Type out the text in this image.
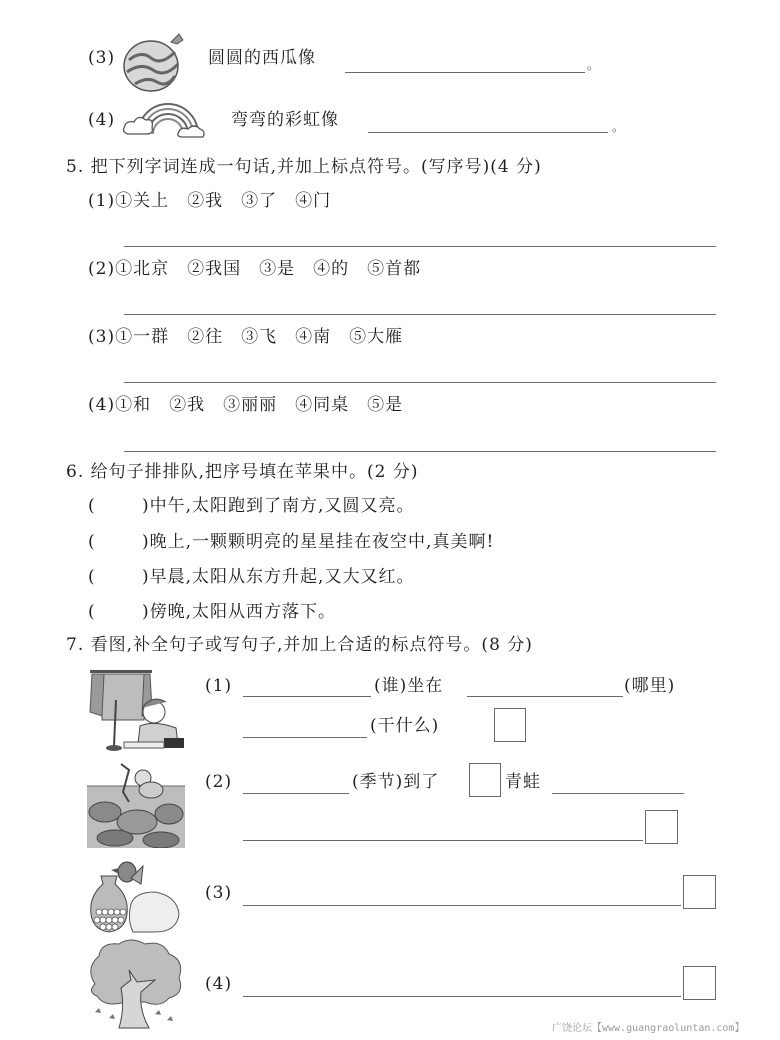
(3)	圆圆的西瓜像	。
(4)	弯弯的彩虹像	。
5. 把下列字词连成一句话,并加上标点符号。(写序号)(4 分)
(1)①关上 ②我 ③了 ④门
(2)①北京 ②我国 ③是 ④的 ⑤首都
(3)①一群 ②往 ③飞 ④南 ⑤大雁
(4)①和 ②我 ③丽丽 ④同桌 ⑤是
6. 给句子排排队,把序号填在苹果中。(2 分)
(	)中午,太阳跑到了南方,又圆又亮。
(	)晚上,一颗颗明亮的星星挂在夜空中,真美啊!
(	)早晨,太阳从东方升起,又大又红。
(	)傍晚,太阳从西方落下。
7. 看图,补全句子或写句子,并加上合适的标点符号。(8 分)
(1)	(谁)坐在	(哪里)
(干什么)
(2)	(季节)到了	青蛙
(3)
(4)
广饶论坛【www.guangraoluntan.com】
